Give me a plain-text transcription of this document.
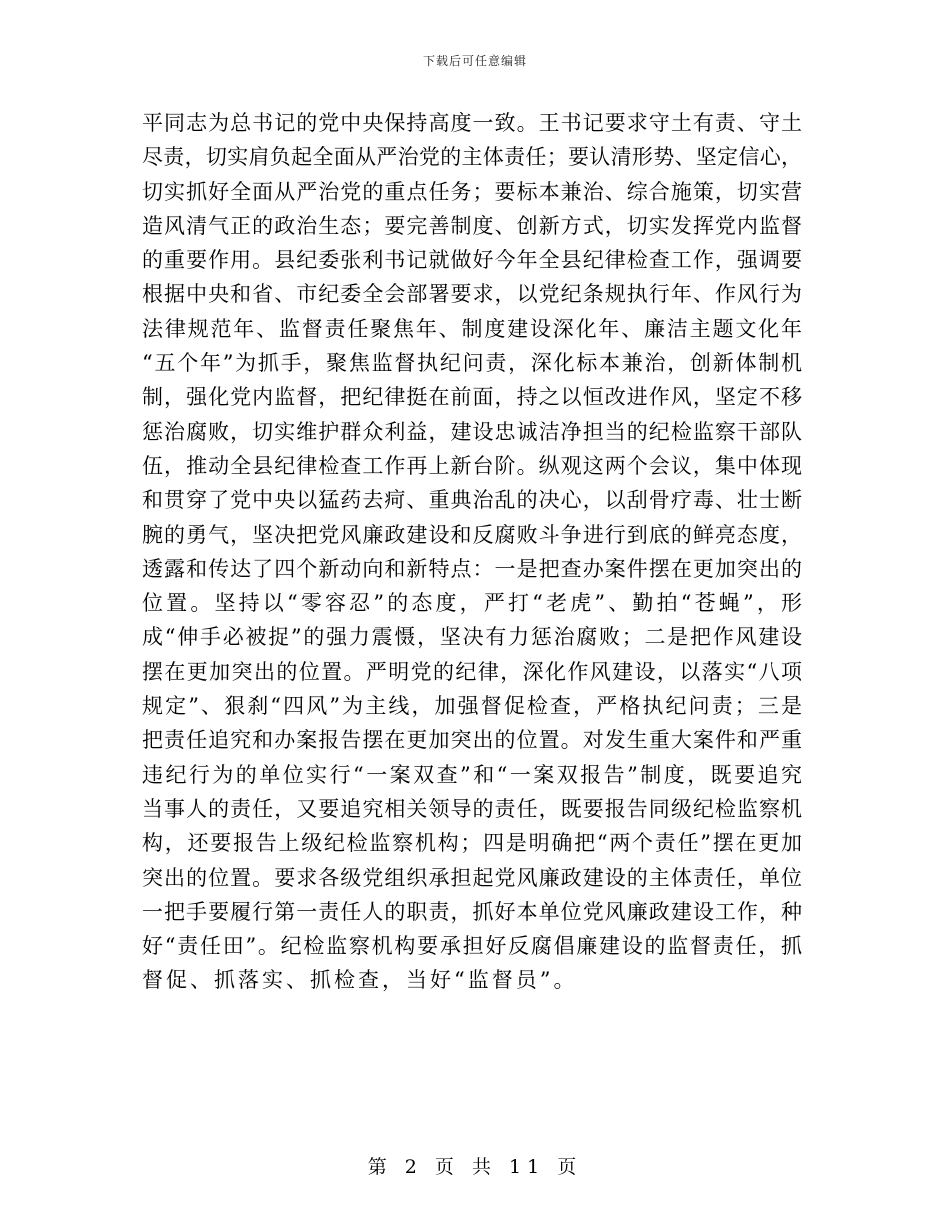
下载后可任意编辑
平同志为总书记的党中央保持高度一致。王书记要求守土有责、守土
尽责，切实肩负起全面从严治党的主体责任；要认清形势、坚定信心，
切实抓好全面从严治党的重点任务；要标本兼治、综合施策，切实营
造风清气正的政治生态；要完善制度、创新方式，切实发挥党内监督
的重要作用。县纪委张利书记就做好今年全县纪律检查工作，强调要
根据中央和省、市纪委全会部署要求，以党纪条规执行年、作风行为
法律规范年、监督责任聚焦年、制度建设深化年、廉洁主题文化年
“五个年”为抓手，聚焦监督执纪问责，深化标本兼治，创新体制机
制，强化党内监督，把纪律挺在前面，持之以恒改进作风，坚定不移
惩治腐败，切实维护群众利益，建设忠诚洁净担当的纪检监察干部队
伍，推动全县纪律检查工作再上新台阶。纵观这两个会议，集中体现
和贯穿了党中央以猛药去疴、重典治乱的决心，以刮骨疗毒、壮士断
腕的勇气，坚决把党风廉政建设和反腐败斗争进行到底的鲜亮态度，
透露和传达了四个新动向和新特点：一是把查办案件摆在更加突出的
位置。坚持以“零容忍”的态度，严打“老虎”、勤拍“苍蝇”，形
成“伸手必被捉”的强力震慑，坚决有力惩治腐败；二是把作风建设
摆在更加突出的位置。严明党的纪律，深化作风建设，以落实“八项
规定”、狠刹“四风”为主线，加强督促检查，严格执纪问责；三是
把责任追究和办案报告摆在更加突出的位置。对发生重大案件和严重
违纪行为的单位实行“一案双查”和“一案双报告”制度，既要追究
当事人的责任，又要追究相关领导的责任，既要报告同级纪检监察机
构，还要报告上级纪检监察机构；四是明确把“两个责任”摆在更加
突出的位置。要求各级党组织承担起党风廉政建设的主体责任，单位
一把手要履行第一责任人的职责，抓好本单位党风廉政建设工作，种
好“责任田”。纪检监察机构要承担好反腐倡廉建设的监督责任，抓
督促、抓落实、抓检查，当好“监督员”。
第 2 页 共 11 页
